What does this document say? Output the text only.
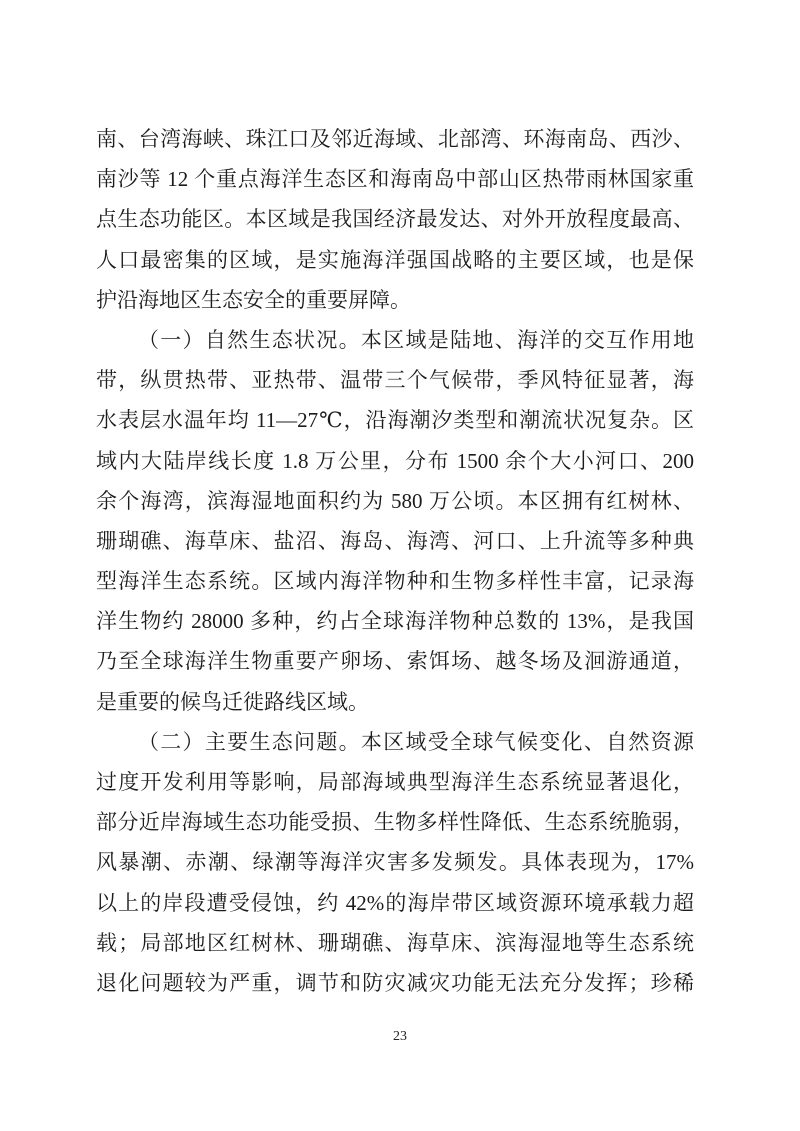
南、台湾海峡、珠江口及邻近海域、北部湾、环海南岛、西沙、
南沙等 12 个重点海洋生态区和海南岛中部山区热带雨林国家重
点生态功能区。本区域是我国经济最发达、对外开放程度最高、
人口最密集的区域，是实施海洋强国战略的主要区域，也是保
护沿海地区生态安全的重要屏障。
（一）自然生态状况。本区域是陆地、海洋的交互作用地
带，纵贯热带、亚热带、温带三个气候带，季风特征显著，海
水表层水温年均 11—27℃，沿海潮汐类型和潮流状况复杂。区
域内大陆岸线长度 1.8 万公里，分布 1500 余个大小河口、200
余个海湾，滨海湿地面积约为 580 万公顷。本区拥有红树林、
珊瑚礁、海草床、盐沼、海岛、海湾、河口、上升流等多种典
型海洋生态系统。区域内海洋物种和生物多样性丰富，记录海
洋生物约 28000 多种，约占全球海洋物种总数的 13%，是我国
乃至全球海洋生物重要产卵场、索饵场、越冬场及洄游通道，
是重要的候鸟迁徙路线区域。
（二）主要生态问题。本区域受全球气候变化、自然资源
过度开发利用等影响，局部海域典型海洋生态系统显著退化，
部分近岸海域生态功能受损、生物多样性降低、生态系统脆弱，
风暴潮、赤潮、绿潮等海洋灾害多发频发。具体表现为，17%
以上的岸段遭受侵蚀，约 42%的海岸带区域资源环境承载力超
载；局部地区红树林、珊瑚礁、海草床、滨海湿地等生态系统
退化问题较为严重，调节和防灾减灾功能无法充分发挥；珍稀
23
